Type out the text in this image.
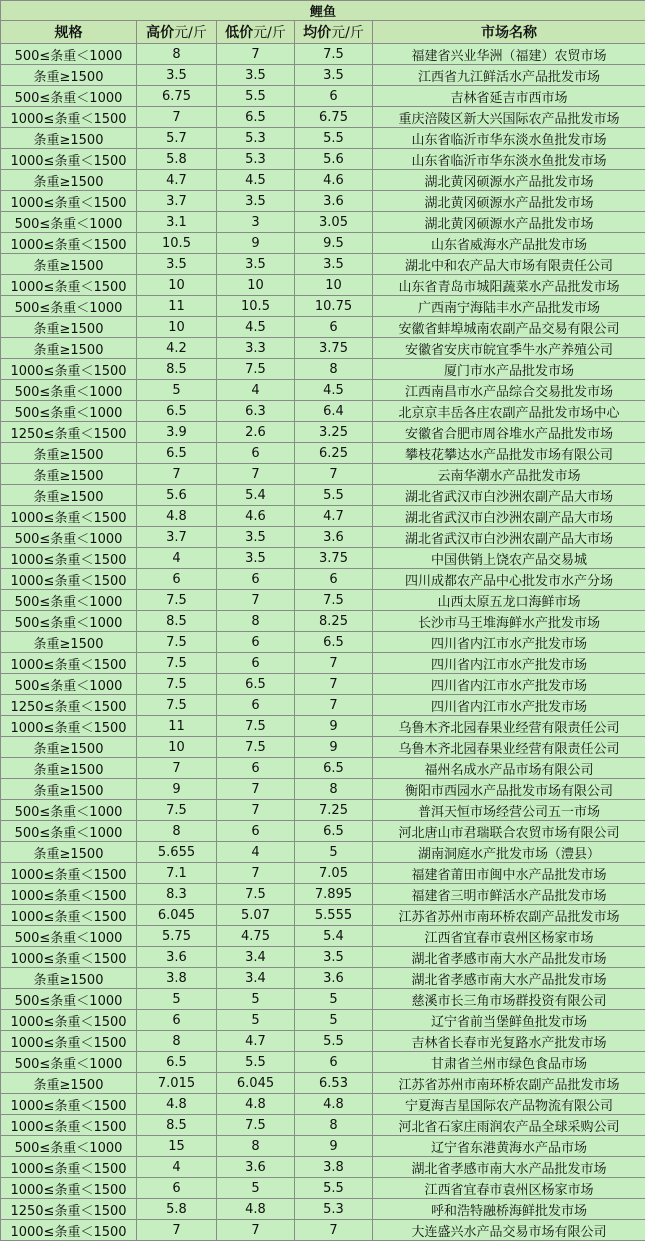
鲤鱼				
规格	高价元/斤	低价元/斤	均价元/斤	市场名称
500≤条重＜1000	8	7	7.5	福建省兴业华洲（福建）农贸市场
条重≥1500	3.5	3.5	3.5	江西省九江鲜活水产品批发市场
500≤条重＜1000	6.75	5.5	6	吉林省延吉市西市场
1000≤条重＜1500	7	6.5	6.75	重庆涪陵区新大兴国际农产品批发市场
条重≥1500	5.7	5.3	5.5	山东省临沂市华东淡水鱼批发市场
1000≤条重＜1500	5.8	5.3	5.6	山东省临沂市华东淡水鱼批发市场
条重≥1500	4.7	4.5	4.6	湖北黄冈硕源水产品批发市场
1000≤条重＜1500	3.7	3.5	3.6	湖北黄冈硕源水产品批发市场
500≤条重＜1000	3.1	3	3.05	湖北黄冈硕源水产品批发市场
1000≤条重＜1500	10.5	9	9.5	山东省威海水产品批发市场
条重≥1500	3.5	3.5	3.5	湖北中和农产品大市场有限责任公司
1000≤条重＜1500	10	10	10	山东省青岛市城阳蔬菜水产品批发市场
500≤条重＜1000	11	10.5	10.75	广西南宁海陆丰水产品批发市场
条重≥1500	10	4.5	6	安徽省蚌埠城南农副产品交易有限公司
条重≥1500	4.2	3.3	3.75	安徽省安庆市皖宜季牛水产养殖公司
1000≤条重＜1500	8.5	7.5	8	厦门市水产品批发市场
500≤条重＜1000	5	4	4.5	江西南昌市水产品综合交易批发市场
500≤条重＜1000	6.5	6.3	6.4	北京京丰岳各庄农副产品批发市场中心
1250≤条重＜1500	3.9	2.6	3.25	安徽省合肥市周谷堆水产品批发市场
条重≥1500	6.5	6	6.25	攀枝花攀达水产品批发市场有限公司
条重≥1500	7	7	7	云南华潮水产品批发市场
条重≥1500	5.6	5.4	5.5	湖北省武汉市白沙洲农副产品大市场
1000≤条重＜1500	4.8	4.6	4.7	湖北省武汉市白沙洲农副产品大市场
500≤条重＜1000	3.7	3.5	3.6	湖北省武汉市白沙洲农副产品大市场
1000≤条重＜1500	4	3.5	3.75	中国供销上饶农产品交易城
1000≤条重＜1500	6	6	6	四川成都农产品中心批发市水产分场
500≤条重＜1000	7.5	7	7.5	山西太原五龙口海鲜市场
500≤条重＜1000	8.5	8	8.25	长沙市马王堆海鲜水产批发市场
条重≥1500	7.5	6	6.5	四川省内江市水产批发市场
1000≤条重＜1500	7.5	6	7	四川省内江市水产批发市场
500≤条重＜1000	7.5	6.5	7	四川省内江市水产批发市场
1250≤条重＜1500	7.5	6	7	四川省内江市水产批发市场
1000≤条重＜1500	11	7.5	9	乌鲁木齐北园春果业经营有限责任公司
条重≥1500	10	7.5	9	乌鲁木齐北园春果业经营有限责任公司
条重≥1500	7	6	6.5	福州名成水产品市场有限公司
条重≥1500	9	7	8	衡阳市西园水产品批发市场有限公司
500≤条重＜1000	7.5	7	7.25	普洱天恒市场经营公司五一市场
500≤条重＜1000	8	6	6.5	河北唐山市君瑞联合农贸市场有限公司
条重≥1500	5.655	4	5	湖南洞庭水产批发市场（澧县）
1000≤条重＜1500	7.1	7	7.05	福建省莆田市闽中水产品批发市场
1000≤条重＜1500	8.3	7.5	7.895	福建省三明市鲜活水产品批发市场
1000≤条重＜1500	6.045	5.07	5.555	江苏省苏州市南环桥农副产品批发市场
500≤条重＜1000	5.75	4.75	5.4	江西省宜春市袁州区杨家市场
1000≤条重＜1500	3.6	3.4	3.5	湖北省孝感市南大水产品批发市场
条重≥1500	3.8	3.4	3.6	湖北省孝感市南大水产品批发市场
500≤条重＜1000	5	5	5	慈溪市长三角市场群投资有限公司
1000≤条重＜1500	6	5	5	辽宁省前当堡鲜鱼批发市场
1000≤条重＜1500	8	4.7	5.5	吉林省长春市光复路水产批发市场
500≤条重＜1000	6.5	5.5	6	甘肃省兰州市绿色食品市场
条重≥1500	7.015	6.045	6.53	江苏省苏州市南环桥农副产品批发市场
1000≤条重＜1500	4.8	4.8	4.8	宁夏海吉星国际农产品物流有限公司
1000≤条重＜1500	8.5	7.5	8	河北省石家庄雨润农产品全球采购公司
500≤条重＜1000	15	8	9	辽宁省东港黄海水产品市场
1000≤条重＜1500	4	3.6	3.8	湖北省孝感市南大水产品批发市场
1000≤条重＜1500	6	5	5.5	江西省宜春市袁州区杨家市场
1250≤条重＜1500	5.8	4.8	5.3	呼和浩特融桥海鲜批发市场
1000≤条重＜1500	7	7	7	大连盛兴水产品交易市场有限公司
